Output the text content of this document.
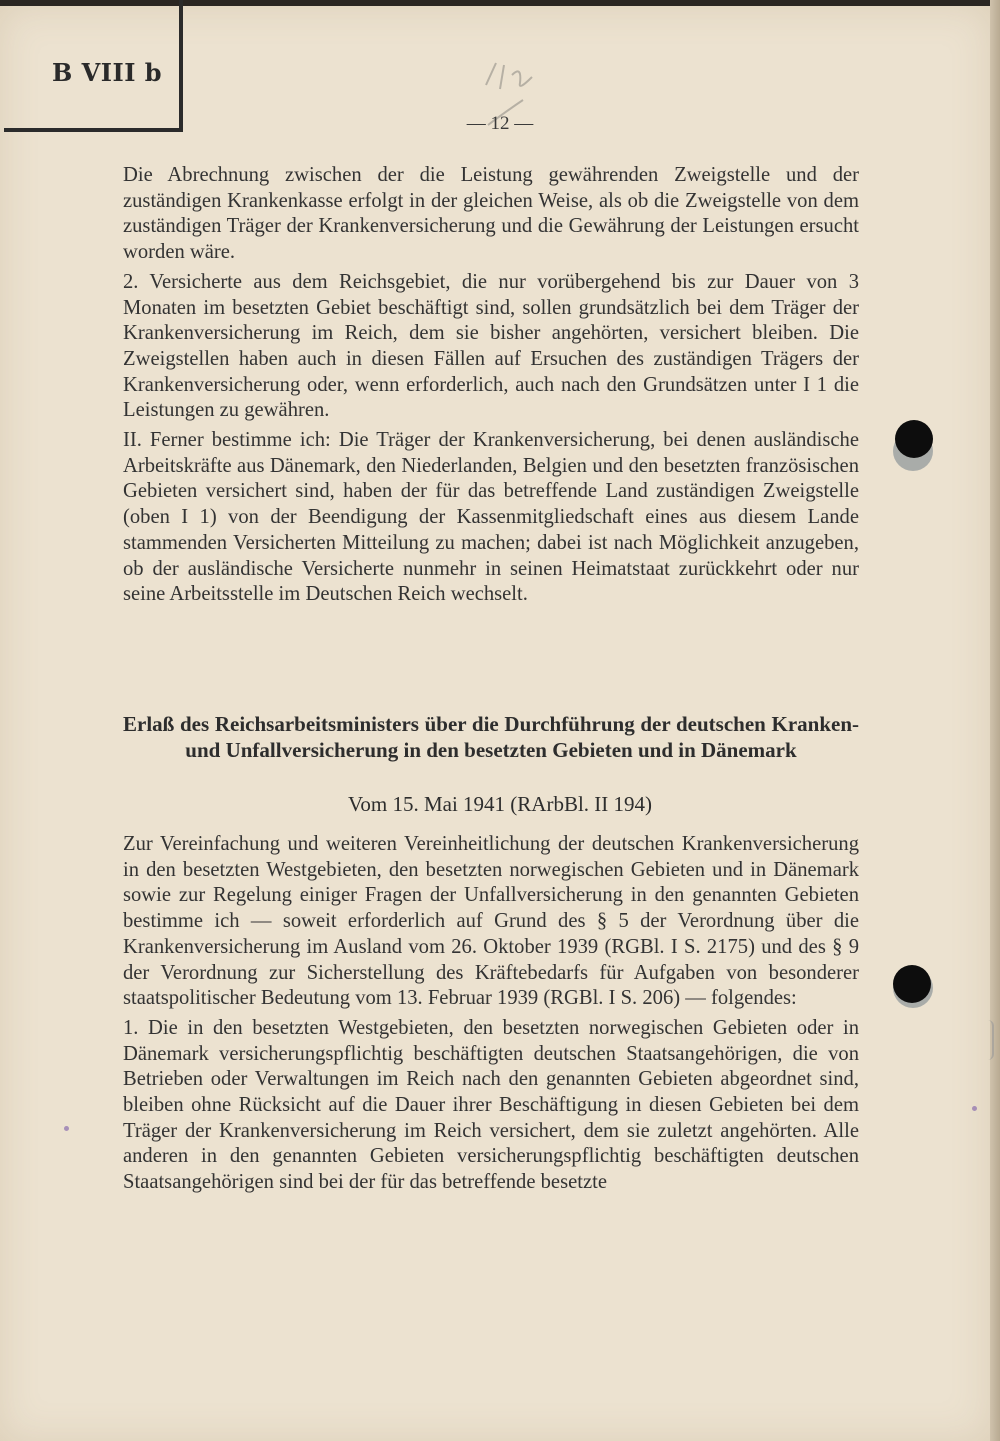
B VIII b
— 12 —

Die Abrechnung zwischen der die Leistung gewährenden Zweigstelle und der zuständigen Krankenkasse erfolgt in der gleichen Weise, als ob die Zweigstelle von dem zuständigen Träger der Krankenversicherung und die Gewährung der Leistungen ersucht worden wäre.

2. Versicherte aus dem Reichsgebiet, die nur vorübergehend bis zur Dauer von 3 Monaten im besetzten Gebiet beschäftigt sind, sollen grundsätzlich bei dem Träger der Krankenversicherung im Reich, dem sie bisher angehörten, versichert bleiben. Die Zweigstellen haben auch in diesen Fällen auf Ersuchen des zuständigen Trägers der Krankenversicherung oder, wenn erforderlich, auch nach den Grundsätzen unter I 1 die Leistungen zu gewähren.

II. Ferner bestimme ich: Die Träger der Krankenversicherung, bei denen ausländische Arbeitskräfte aus Dänemark, den Niederlanden, Belgien und den besetzten französischen Gebieten versichert sind, haben der für das betreffende Land zuständigen Zweigstelle (oben I 1) von der Beendigung der Kassenmitgliedschaft eines aus diesem Lande stammenden Versicherten Mitteilung zu machen; dabei ist nach Möglichkeit anzugeben, ob der ausländische Versicherte nunmehr in seinen Heimatstaat zurückkehrt oder nur seine Arbeitsstelle im Deutschen Reich wechselt.

Erlaß des Reichsarbeitsministers über die Durchführung der deutschen Kranken- und Unfallversicherung in den besetzten Gebieten und in Dänemark
Vom 15. Mai 1941 (RArbBl. II 194)

Zur Vereinfachung und weiteren Vereinheitlichung der deutschen Krankenversicherung in den besetzten Westgebieten, den besetzten norwegischen Gebieten und in Dänemark sowie zur Regelung einiger Fragen der Unfallversicherung in den genannten Gebieten bestimme ich — soweit erforderlich auf Grund des § 5 der Verordnung über die Krankenversicherung im Ausland vom 26. Oktober 1939 (RGBl. I S. 2175) und des § 9 der Verordnung zur Sicherstellung des Kräftebedarfs für Aufgaben von besonderer staatspolitischer Bedeutung vom 13. Februar 1939 (RGBl. I S. 206) — folgendes:

1. Die in den besetzten Westgebieten, den besetzten norwegischen Gebieten oder in Dänemark versicherungspflichtig beschäftigten deutschen Staatsangehörigen, die von Betrieben oder Verwaltungen im Reich nach den genannten Gebieten abgeordnet sind, bleiben ohne Rücksicht auf die Dauer ihrer Beschäftigung in diesen Gebieten bei dem Träger der Krankenversicherung im Reich versichert, dem sie zuletzt angehörten. Alle anderen in den genannten Gebieten versicherungspflichtig beschäftigten deutschen Staatsangehörigen sind bei der für das betreffende besetzte
